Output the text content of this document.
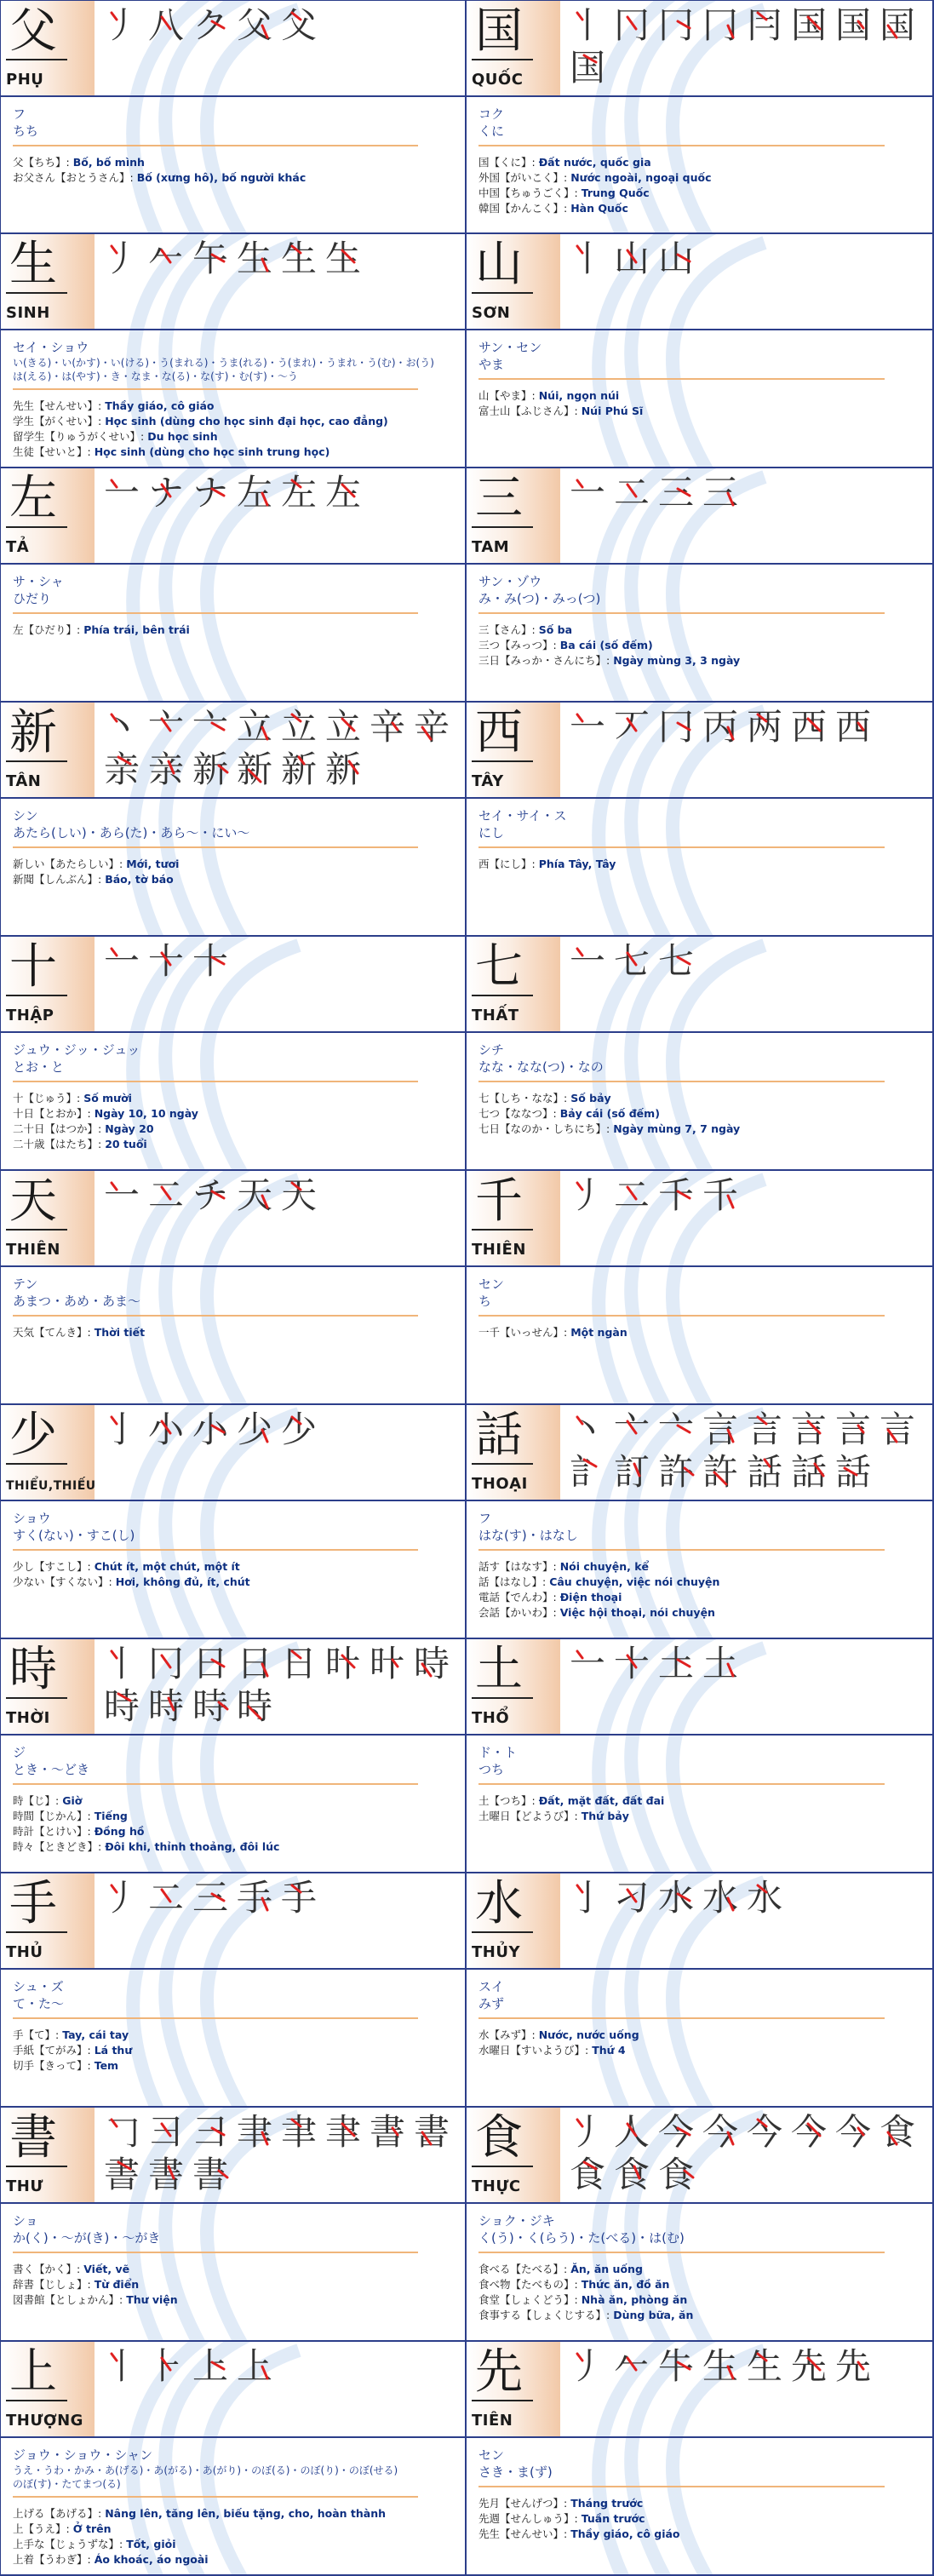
父
PHỤ
丿 八 ク 父 父
フ
ちち
父【ちち】: Bố, bố mình
お父さん【おとうさん】: Bố (xưng hô), bố người khác
国
QUỐC
丨 冂 冂 冂 冃 国 国 国
国
コク
くに
国【くに】: Đất nước, quốc gia
外国【がいこく】: Nước ngoài, ngoại quốc
中国【ちゅうごく】: Trung Quốc
韓国【かんこく】: Hàn Quốc
生
SINH
丿 𠂉 午 生 生 生
セイ・ショウ
い(きる)・い(かす)・い(ける)・う(まれる)・うま(れる)・う(まれ)・うまれ・う(む)・お(う)
は(える)・は(やす)・き・なま・な(る)・な(す)・む(す)・〜う
先生【せんせい】: Thầy giáo, cô giáo
学生【がくせい】: Học sinh (dùng cho học sinh đại học, cao đẳng)
留学生【りゅうがくせい】: Du học sinh
生徒【せいと】: Học sinh (dùng cho học sinh trung học)
山
SƠN
丨 山 山
サン・セン
やま
山【やま】: Núi, ngọn núi
富士山【ふじさん】: Núi Phú Sĩ
左
TẢ
一 ナ ナ 左 左 左
サ・シャ
ひだり
左【ひだり】: Phía trái, bên trái
三
TAM
一 二 三 三
サン・ゾウ
み・み(つ)・みっ(つ)
三【さん】: Số ba
三つ【みっつ】: Ba cái (số đếm)
三日【みっか・さんにち】: Ngày mùng 3, 3 ngày
新
TÂN
丶 亠 亠 立 立 立 辛 辛
亲 亲 新 新 新 新
シン
あたら(しい)・あら(た)・あら〜・にい〜
新しい【あたらしい】: Mới, tươi
新聞【しんぶん】: Báo, tờ báo
西
TÂY
一 丆 冂 丙 两 西 西
セイ・サイ・ス
にし
西【にし】: Phía Tây, Tây
十
THẬP
一 十 十
ジュウ・ジッ・ジュッ
とお・と
十【じゅう】: Số mười
十日【とおか】: Ngày 10, 10 ngày
二十日【はつか】: Ngày 20
二十歳【はたち】: 20 tuổi
七
THẤT
一 七 七
シチ
なな・なな(つ)・なの
七【しち・なな】: Số bảy
七つ【ななつ】: Bảy cái (số đếm)
七日【なのか・しちにち】: Ngày mùng 7, 7 ngày
天
THIÊN
一 二 チ 天 天
テン
あまつ・あめ・あま〜
天気【てんき】: Thời tiết
千
THIÊN
丿 二 千 千
セン
ち
一千【いっせん】: Một ngàn
少
THIỂU,THIẾU
亅 小 小 少 少
ショウ
すく(ない)・すこ(し)
少し【すこし】: Chút ít, một chút, một ít
少ない【すくない】: Hơi, không đủ, ít, chút
話
THOẠI
丶 亠 亠 言 言 言 言 言
訁 訂 許 許 話 話 話
フ
はな(す)・はなし
話す【はなす】: Nói chuyện, kể
話【はなし】: Câu chuyện, việc nói chuyện
電話【でんわ】: Điện thoại
会話【かいわ】: Việc hội thoại, nói chuyện
時
THỜI
丨 冂 日 日 日 旪 旪 時
時 時 時 時
ジ
とき・〜どき
時【じ】: Giờ
時間【じかん】: Tiếng
時計【とけい】: Đồng hồ
時々【ときどき】: Đôi khi, thỉnh thoảng, đôi lúc
土
THỔ
一 十 土 土
ド・ト
つち
土【つち】: Đất, mặt đất, đất đai
土曜日【どようび】: Thứ bảy
手
THỦ
丿 二 三 手 手
シュ・ズ
て・た〜
手【て】: Tay, cái tay
手紙【てがみ】: Lá thư
切手【きって】: Tem
水
THỦY
亅 刁 水 水 水
スイ
みず
水【みず】: Nước, nước uống
水曜日【すいようび】: Thứ 4
書
THƯ
𠃌 ⺕ ⺕ 聿 聿 聿 書 書
書 書 書
ショ
か(く)・〜が(き)・〜がき
書く【かく】: Viết, vẽ
辞書【じしょ】: Từ điển
図書館【としょかん】: Thư viện
食
THỰC
丿 人 今 今 今 今 今 食
食 食 食
ショク・ジキ
く(う)・く(らう)・た(べる)・は(む)
食べる【たべる】: Ăn, ăn uống
食べ物【たべもの】: Thức ăn, đồ ăn
食堂【しょくどう】: Nhà ăn, phòng ăn
食事する【しょくじする】: Dùng bữa, ăn
上
THƯỢNG
丨 ⺊ 上 上
ジョウ・ショウ・シャン
うえ・うわ・かみ・あ(げる)・あ(がる)・あ(がり)・のぼ(る)・のぼ(り)・のぼ(せる)
のぼ(す)・たてまつ(る)
上げる【あげる】: Nâng lên, tăng lên, biếu tặng, cho, hoàn thành
上【うえ】: Ở trên
上手な【じょうずな】: Tốt, giỏi
上着【うわぎ】: Áo khoác, áo ngoài
先
TIÊN
丿 𠂉 牛 生 生 先 先
セン
さき・ま(ず)
先月【せんげつ】: Tháng trước
先週【せんしゅう】: Tuần trước
先生【せんせい】: Thầy giáo, cô giáo
